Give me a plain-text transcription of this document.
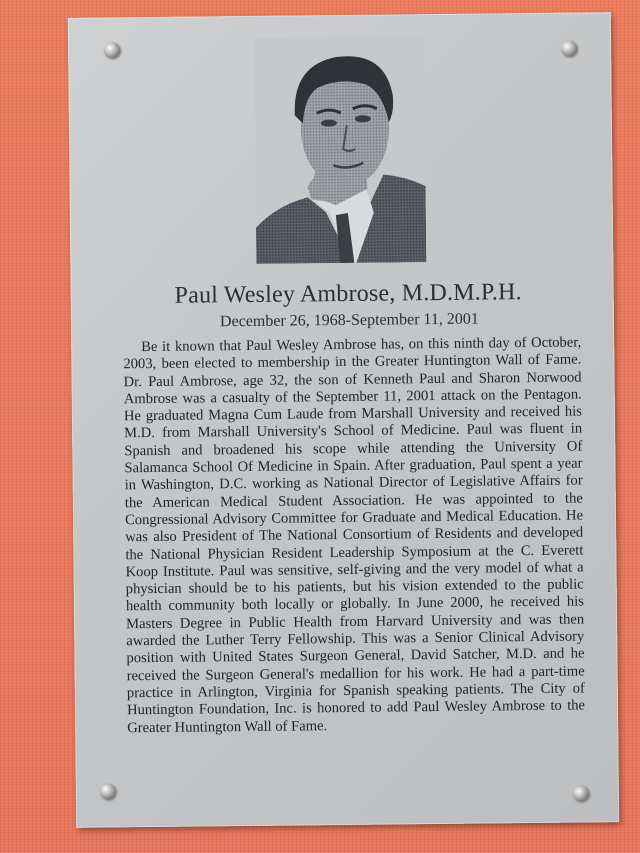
Paul Wesley Ambrose, M.D.M.P.H.
December 26, 1968-September 11, 2001
Be it known that Paul Wesley Ambrose has, on this ninth day of October, 2003, been elected to membership in the Greater Huntington Wall of Fame. Dr. Paul Ambrose, age 32, the son of Kenneth Paul and Sharon Norwood Ambrose was a casualty of the September 11, 2001 attack on the Pentagon. He graduated Magna Cum Laude from Marshall University and received his M.D. from Marshall University's School of Medicine. Paul was fluent in Spanish and broadened his scope while attending the University Of Salamanca School Of Medicine in Spain. After graduation, Paul spent a year in Washington, D.C. working as National Director of Legislative Affairs for the American Medical Student Association. He was appointed to the Congressional Advisory Committee for Graduate and Medical Education. He was also President of The National Consortium of Residents and developed the National Physician Resident Leadership Symposium at the C. Everett Koop Institute. Paul was sensitive, self-giving and the very model of what a physician should be to his patients, but his vision extended to the public health community both locally or globally. In June 2000, he received his Masters Degree in Public Health from Harvard University and was then awarded the Luther Terry Fellowship. This was a Senior Clinical Advisory position with United States Surgeon General, David Satcher, M.D. and he received the Surgeon General's medallion for his work. He had a part-time practice in Arlington, Virginia for Spanish speaking patients. The City of Huntington Foundation, Inc. is honored to add Paul Wesley Ambrose to the Greater Huntington Wall of Fame.
